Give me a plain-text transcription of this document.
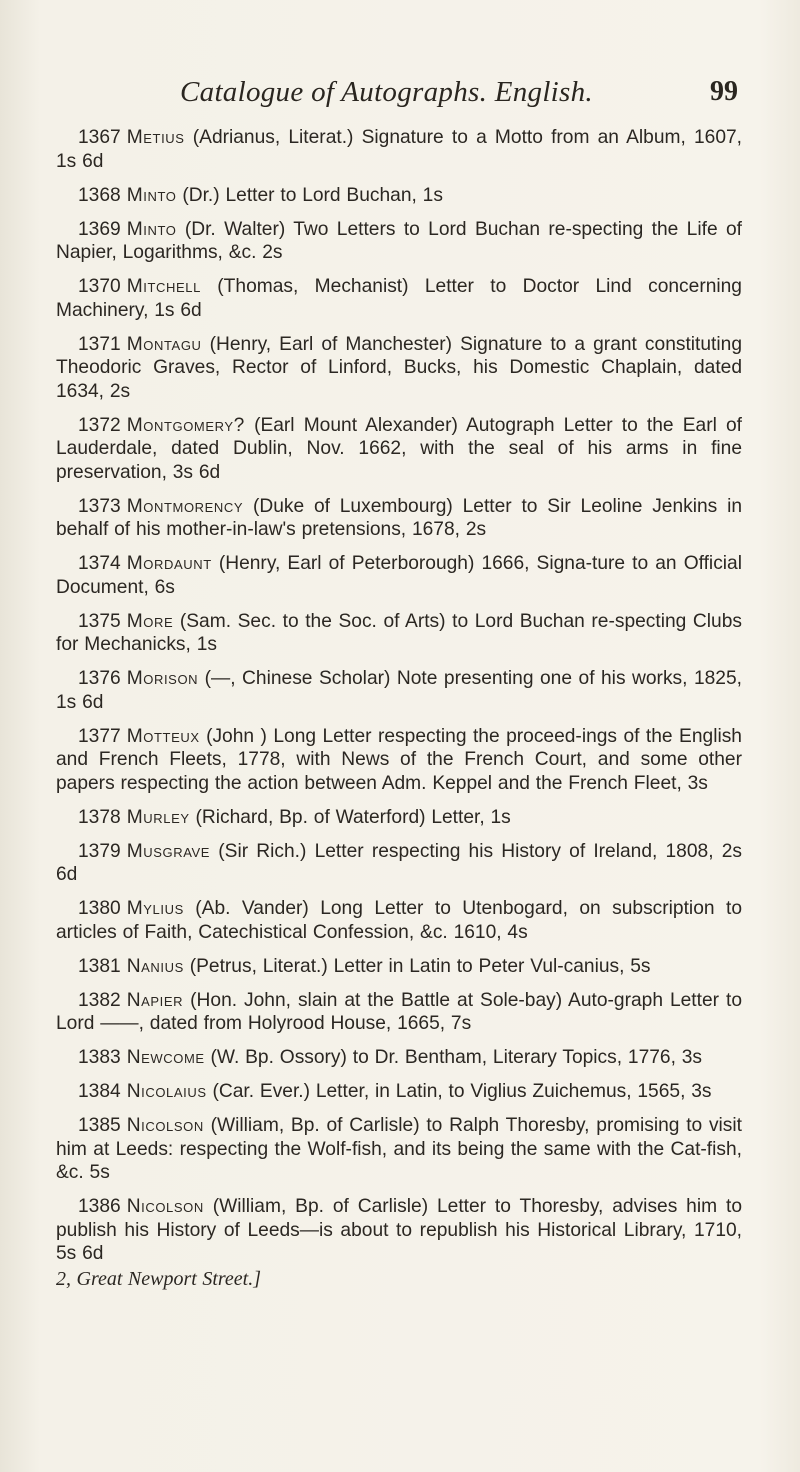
Catalogue of Autographs. English.	99

1367 Metius (Adrianus, Literat.) Signature to a Motto from an Album, 1607, 1s 6d

1368 Minto (Dr.) Letter to Lord Buchan, 1s

1369 Minto (Dr. Walter) Two Letters to Lord Buchan re-specting the Life of Napier, Logarithms, &c. 2s

1370 Mitchell (Thomas, Mechanist) Letter to Doctor Lind concerning Machinery, 1s 6d

1371 Montagu (Henry, Earl of Manchester) Signature to a grant constituting Theodoric Graves, Rector of Linford, Bucks, his Domestic Chaplain, dated 1634, 2s

1372 Montgomery? (Earl Mount Alexander) Autograph Letter to the Earl of Lauderdale, dated Dublin, Nov. 1662, with the seal of his arms in fine preservation, 3s 6d

1373 Montmorency (Duke of Luxembourg) Letter to Sir Leoline Jenkins in behalf of his mother-in-law's pretensions, 1678, 2s

1374 Mordaunt (Henry, Earl of Peterborough) 1666, Signa-ture to an Official Document, 6s

1375 More (Sam. Sec. to the Soc. of Arts) to Lord Buchan re-specting Clubs for Mechanicks, 1s

1376 Morison (—, Chinese Scholar) Note presenting one of his works, 1825, 1s 6d

1377 Motteux (John ) Long Letter respecting the proceed-ings of the English and French Fleets, 1778, with News of the French Court, and some other papers respecting the action between Adm. Keppel and the French Fleet, 3s

1378 Murley (Richard, Bp. of Waterford) Letter, 1s

1379 Musgrave (Sir Rich.) Letter respecting his History of Ireland, 1808, 2s 6d

1380 Mylius (Ab. Vander) Long Letter to Utenbogard, on subscription to articles of Faith, Catechistical Confession, &c. 1610, 4s

1381 Nanius (Petrus, Literat.) Letter in Latin to Peter Vul-canius, 5s

1382 Napier (Hon. John, slain at the Battle at Sole-bay) Auto-graph Letter to Lord ——, dated from Holyrood House, 1665, 7s

1383 Newcome (W. Bp. Ossory) to Dr. Bentham, Literary Topics, 1776, 3s

1384 Nicolaius (Car. Ever.) Letter, in Latin, to Viglius Zuichemus, 1565, 3s

1385 Nicolson (William, Bp. of Carlisle) to Ralph Thoresby, promising to visit him at Leeds: respecting the Wolf-fish, and its being the same with the Cat-fish, &c. 5s

1386 Nicolson (William, Bp. of Carlisle) Letter to Thoresby, advises him to publish his History of Leeds—is about to republish his Historical Library, 1710, 5s 6d

2, Great Newport Street.]
